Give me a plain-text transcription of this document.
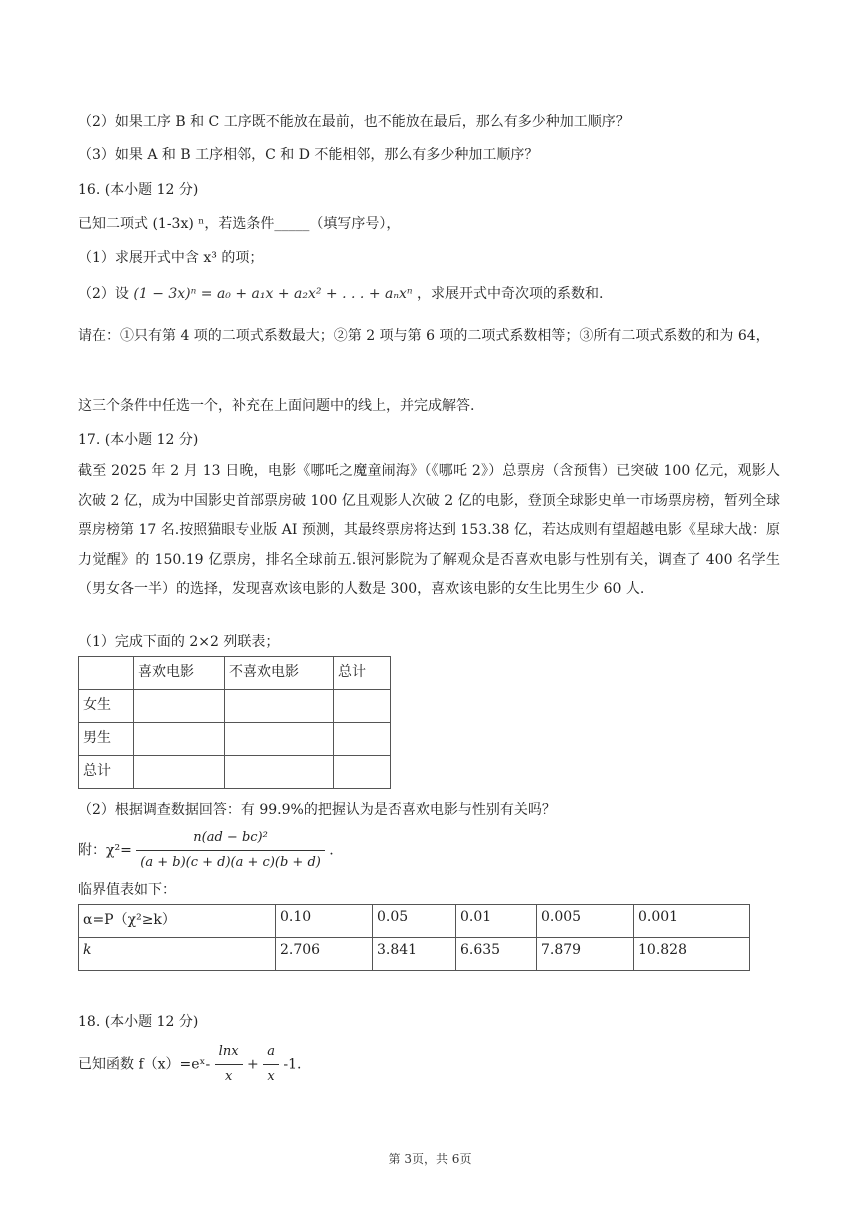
（2）如果工序 B 和 C 工序既不能放在最前，也不能放在最后，那么有多少种加工顺序？
（3）如果 A 和 B 工序相邻，C 和 D 不能相邻，那么有多少种加工顺序？
16. (本小题 12 分)
已知二项式 (1-3x) ⁿ，若选条件_____（填写序号），
（1）求展开式中含 x³ 的项；
（2）设 (1 − 3x)ⁿ = a₀ + a₁x + a₂x² + . . . + aₙxⁿ ，求展开式中奇次项的系数和.
请在：①只有第 4 项的二项式系数最大；②第 2 项与第 6 项的二项式系数相等；③所有二项式系数的和为 64，
这三个条件中任选一个，补充在上面问题中的线上，并完成解答.
17. (本小题 12 分)
截至 2025 年 2 月 13 日晚，电影《哪吒之魔童闹海》（《哪吒 2》）总票房（含预售）已突破 100 亿元，观影人次破 2 亿，成为中国影史首部票房破 100 亿且观影人次破 2 亿的电影，登顶全球影史单一市场票房榜，暂列全球票房榜第 17 名.按照猫眼专业版 AI 预测，其最终票房将达到 153.38 亿，若达成则有望超越电影《星球大战：原力觉醒》的 150.19 亿票房，排名全球前五.银河影院为了解观众是否喜欢电影与性别有关，调查了 400 名学生（男女各一半）的选择，发现喜欢该电影的人数是 300，喜欢该电影的女生比男生少 60 人.
（1）完成下面的 2×2 列联表；
	喜欢电影	不喜欢电影	总计
女生			
男生			
总计			
（2）根据调查数据回答：有 99.9%的把握认为是否喜欢电影与性别有关吗？
附：$\chi^2= \frac{\text{n(ad − bc)²}}{(a + b)(c + d)(a + c)(b + d)}$ .
临界值表如下：
α=P（χ²≥k）	0.10	0.05	0.01	0.005	0.001
k	2.706	3.841	6.635	7.879	10.828
18. (本小题 12 分)
已知函数 f（x）=eˣ- $\frac{\ln x}{x} + \frac{a}{x} -1$.
第 3页，共 6页
